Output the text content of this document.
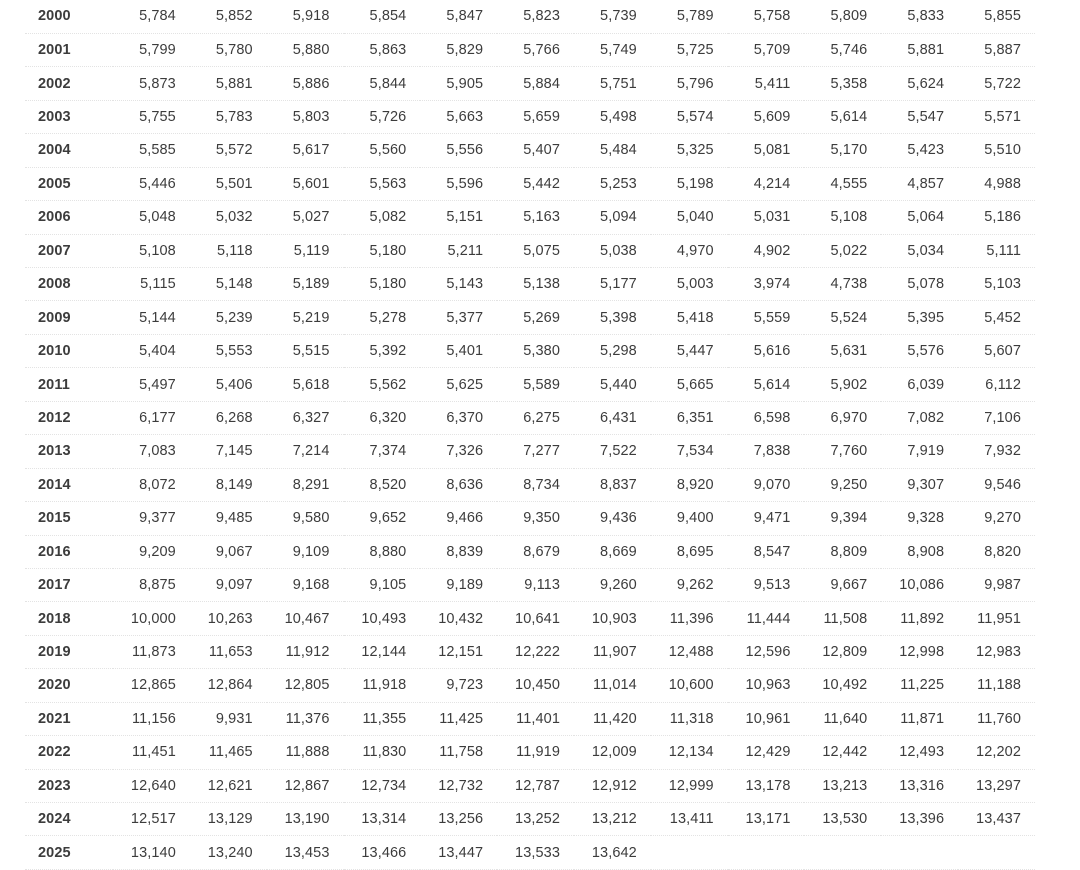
2000	5,784	5,852	5,918	5,854	5,847	5,823	5,739	5,789	5,758	5,809	5,833	5,855
2001	5,799	5,780	5,880	5,863	5,829	5,766	5,749	5,725	5,709	5,746	5,881	5,887
2002	5,873	5,881	5,886	5,844	5,905	5,884	5,751	5,796	5,411	5,358	5,624	5,722
2003	5,755	5,783	5,803	5,726	5,663	5,659	5,498	5,574	5,609	5,614	5,547	5,571
2004	5,585	5,572	5,617	5,560	5,556	5,407	5,484	5,325	5,081	5,170	5,423	5,510
2005	5,446	5,501	5,601	5,563	5,596	5,442	5,253	5,198	4,214	4,555	4,857	4,988
2006	5,048	5,032	5,027	5,082	5,151	5,163	5,094	5,040	5,031	5,108	5,064	5,186
2007	5,108	5,118	5,119	5,180	5,211	5,075	5,038	4,970	4,902	5,022	5,034	5,111
2008	5,115	5,148	5,189	5,180	5,143	5,138	5,177	5,003	3,974	4,738	5,078	5,103
2009	5,144	5,239	5,219	5,278	5,377	5,269	5,398	5,418	5,559	5,524	5,395	5,452
2010	5,404	5,553	5,515	5,392	5,401	5,380	5,298	5,447	5,616	5,631	5,576	5,607
2011	5,497	5,406	5,618	5,562	5,625	5,589	5,440	5,665	5,614	5,902	6,039	6,112
2012	6,177	6,268	6,327	6,320	6,370	6,275	6,431	6,351	6,598	6,970	7,082	7,106
2013	7,083	7,145	7,214	7,374	7,326	7,277	7,522	7,534	7,838	7,760	7,919	7,932
2014	8,072	8,149	8,291	8,520	8,636	8,734	8,837	8,920	9,070	9,250	9,307	9,546
2015	9,377	9,485	9,580	9,652	9,466	9,350	9,436	9,400	9,471	9,394	9,328	9,270
2016	9,209	9,067	9,109	8,880	8,839	8,679	8,669	8,695	8,547	8,809	8,908	8,820
2017	8,875	9,097	9,168	9,105	9,189	9,113	9,260	9,262	9,513	9,667	10,086	9,987
2018	10,000	10,263	10,467	10,493	10,432	10,641	10,903	11,396	11,444	11,508	11,892	11,951
2019	11,873	11,653	11,912	12,144	12,151	12,222	11,907	12,488	12,596	12,809	12,998	12,983
2020	12,865	12,864	12,805	11,918	9,723	10,450	11,014	10,600	10,963	10,492	11,225	11,188
2021	11,156	9,931	11,376	11,355	11,425	11,401	11,420	11,318	10,961	11,640	11,871	11,760
2022	11,451	11,465	11,888	11,830	11,758	11,919	12,009	12,134	12,429	12,442	12,493	12,202
2023	12,640	12,621	12,867	12,734	12,732	12,787	12,912	12,999	13,178	13,213	13,316	13,297
2024	12,517	13,129	13,190	13,314	13,256	13,252	13,212	13,411	13,171	13,530	13,396	13,437
2025	13,140	13,240	13,453	13,466	13,447	13,533	13,642					
